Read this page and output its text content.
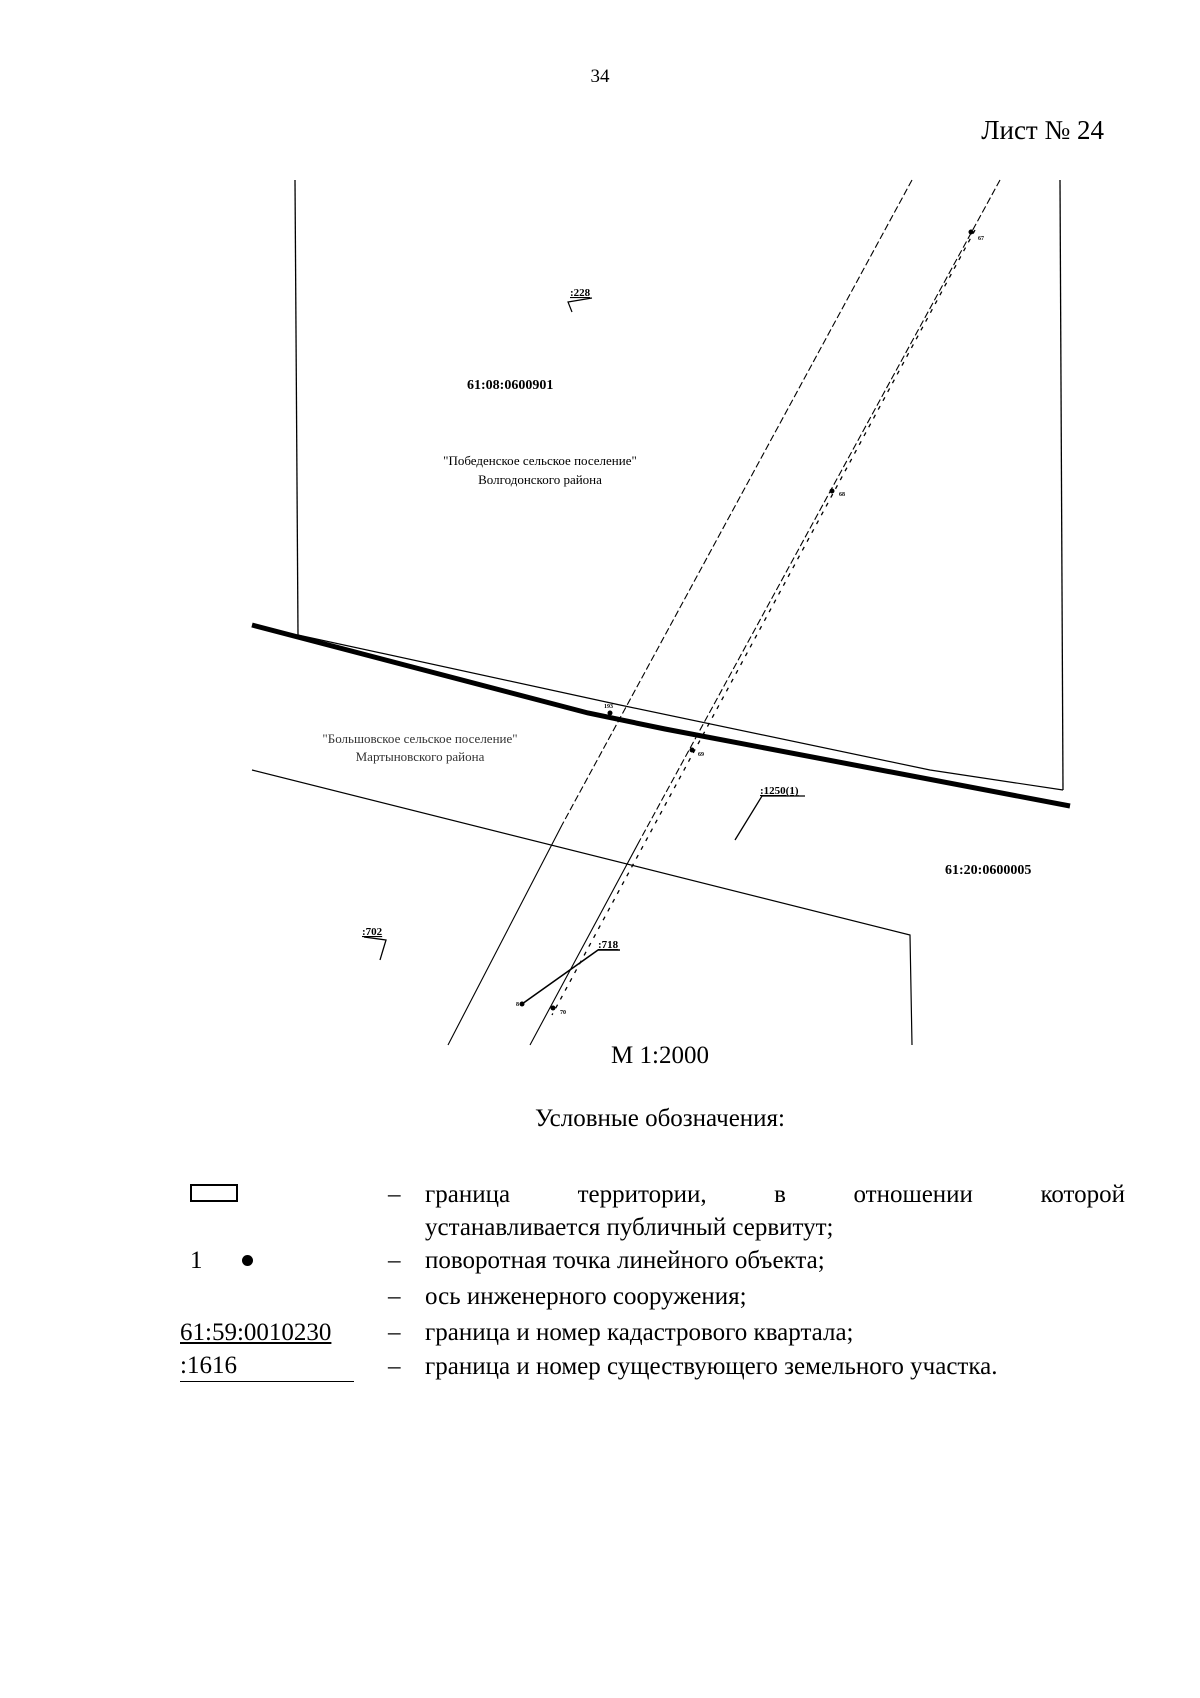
34
Лист № 24
67
68
193
69
8
70
:228
61:08:0600901
"Победенское сельское поселение"
Волгодонского района
"Большовское сельское поселение"
Мартыновского района
:1250(1)
61:20:0600005
:702
:718
М 1:2000
Условные обозначения:
– граница	территории,	в	отношении	которой
устанавливается публичный сервитут;
1	– поворотная точка линейного объекта;
– ось инженерного сооружения;
61:59:0010230 – граница и номер кадастрового квартала;
:1616	– граница и номер существующего земельного участка.
